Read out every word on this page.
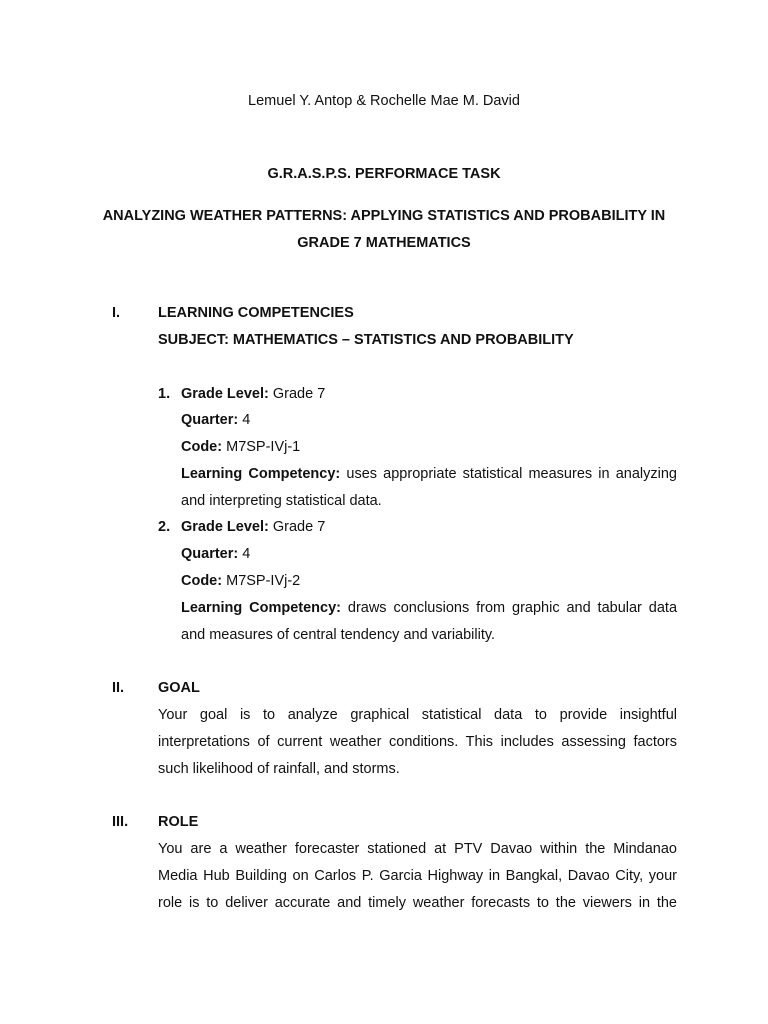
Lemuel Y. Antop & Rochelle Mae M. David
G.R.A.S.P.S. PERFORMACE TASK
ANALYZING WEATHER PATTERNS: APPLYING STATISTICS AND PROBABILITY IN
GRADE 7 MATHEMATICS
I.	LEARNING COMPETENCIES
SUBJECT: MATHEMATICS – STATISTICS AND PROBABILITY
1. Grade Level: Grade 7
Quarter: 4
Code: M7SP-IVj-1
Learning Competency: uses appropriate statistical measures in analyzing
and interpreting statistical data.
2. Grade Level: Grade 7
Quarter: 4
Code: M7SP-IVj-2
Learning Competency: draws conclusions from graphic and tabular data
and measures of central tendency and variability.
II. GOAL
Your goal is to analyze graphical statistical data to provide insightful
interpretations of current weather conditions. This includes assessing factors
such likelihood of rainfall, and storms.
III. ROLE
You are a weather forecaster stationed at PTV Davao within the Mindanao
Media Hub Building on Carlos P. Garcia Highway in Bangkal, Davao City, your
role is to deliver accurate and timely weather forecasts to the viewers in the
